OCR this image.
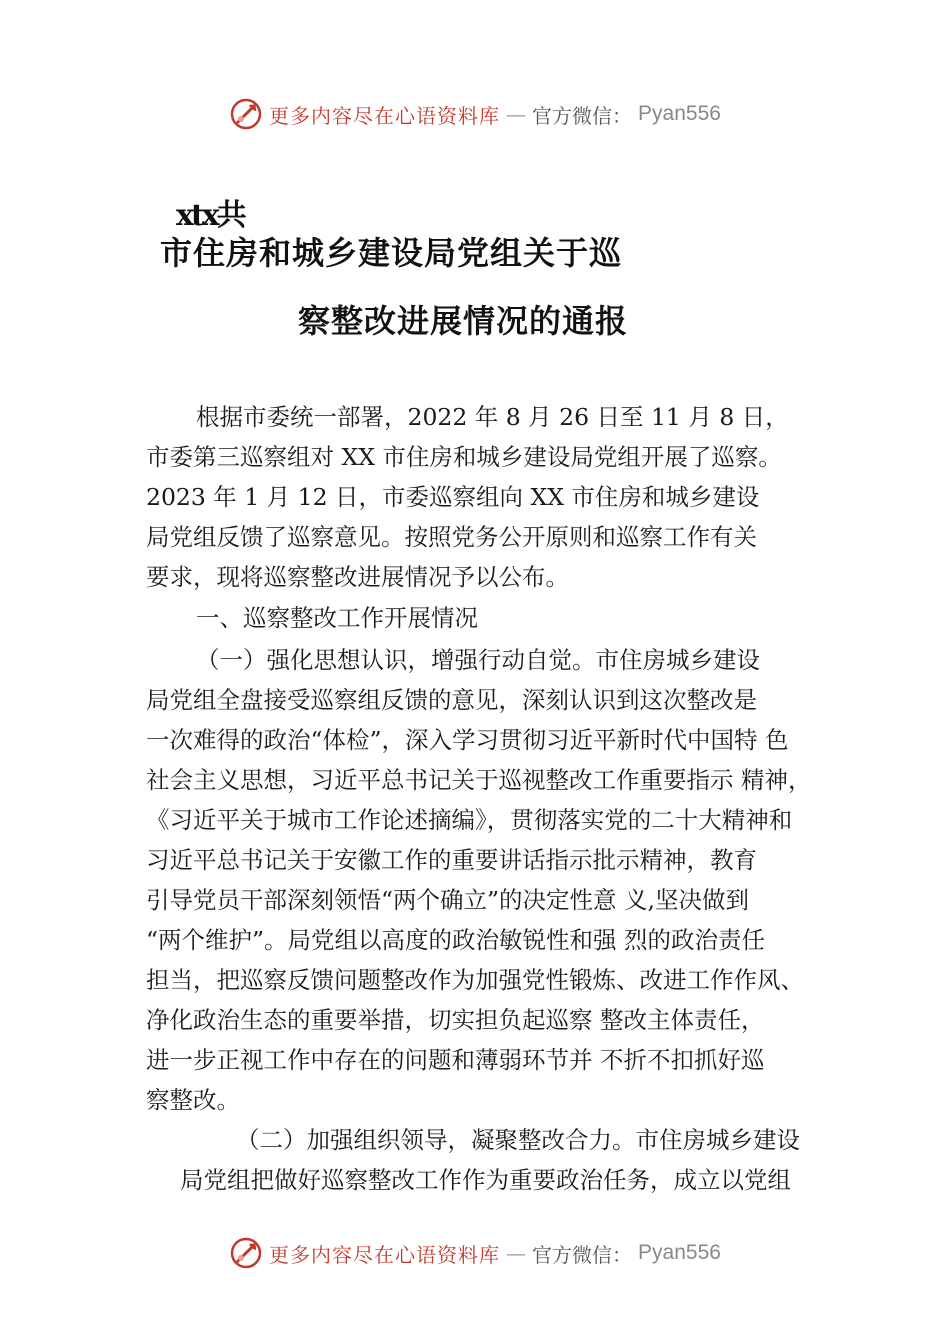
更多内容尽在心语资料库 — 官方微信： Pyan556
xtx共
市住房和城乡建设局党组关于巡
察整改进展情况的通报
根据市委统一部署，2022 年 8 月 26 日至 11 月 8 日，
市委第三巡察组对 XX 市住房和城乡建设局党组开展了巡察。
2023 年 1 月 12 日，市委巡察组向 XX 市住房和城乡建设
局党组反馈了巡察意见。按照党务公开原则和巡察工作有关
要求，现将巡察整改进展情况予以公布。
一、巡察整改工作开展情况
（一）强化思想认识，增强行动自觉。市住房城乡建设
局党组全盘接受巡察组反馈的意见，深刻认识到这次整改是
一次难得的政治“体检”，深入学习贯彻习近平新时代中国特 色
社会主义思想，习近平总书记关于巡视整改工作重要指示 精神，
《习近平关于城市工作论述摘编》，贯彻落实党的二十大精神和
习近平总书记关于安徽工作的重要讲话指示批示精神，教育
引导党员干部深刻领悟“两个确立”的决定性意 义,坚决做到
“两个维护”。局党组以高度的政治敏锐性和强 烈的政治责任
担当，把巡察反馈问题整改作为加强党性锻炼、改进工作作风、
净化政治生态的重要举措，切实担负起巡察 整改主体责任，
进一步正视工作中存在的问题和薄弱环节并 不折不扣抓好巡
察整改。
（二）加强组织领导，凝聚整改合力。市住房城乡建设
局党组把做好巡察整改工作作为重要政治任务，成立以党组
更多内容尽在心语资料库 — 官方微信： Pyan556
